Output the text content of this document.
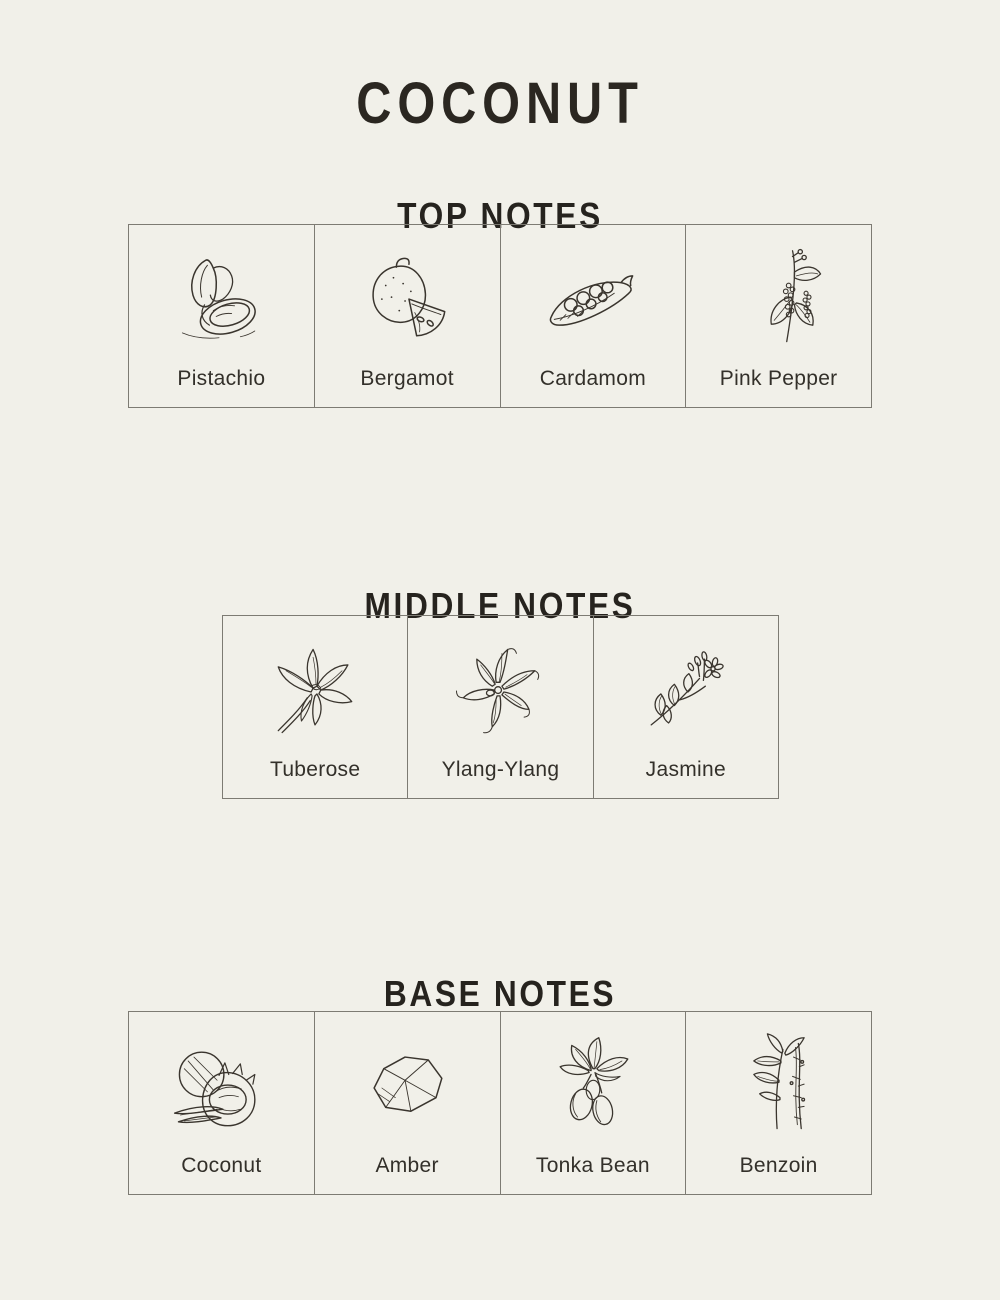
COCONUT
TOP NOTES
Pistachio	Bergamot	Cardamom	Pink Pepper
MIDDLE NOTES
Tuberose	Ylang-Ylang	Jasmine
BASE NOTES
Coconut	Amber	Tonka Bean	Benzoin
